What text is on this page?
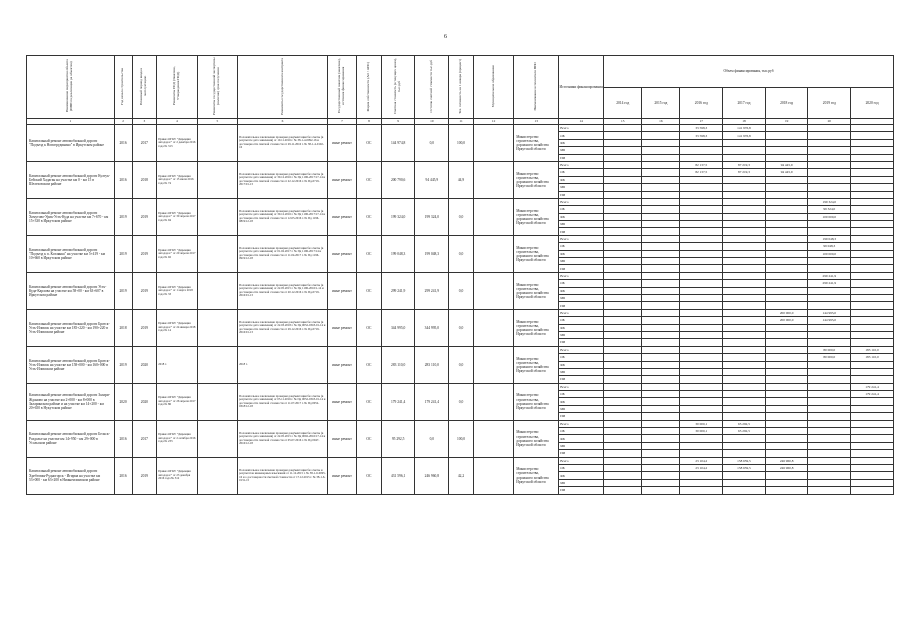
6
Наименование мероприятия объекта (ИНП по реализации ра объектам)	Год начала строительства	Плановый период ввода в эксплуатацию	Реквизиты ПСД (Заказчик, Утверждения ПСД)	Реквизиты государственной экспертизы (наличие) срок получения	Реквизиты государственного контракта	Государственный заказчик (заказчик), источник финансирования	Форма собственности (АО / АПС)	Сметная стоимость (в текущих ценах), тыс.руб	Остаток сметной стоимости тыс.руб	Тех. готовность на 1 января (процент)	Муниципальное образование	Наименование исполнителя НПО	Источники финансирования	Объем финансирования, тыс.руб						
														2014 год	2015 год	2016 год	2017 год	2018 год	2019 год	2020 год
1	2	3	4	5	6	7	8	9	10	11	12	13	14	15	16	17	18	19	20	
Капитальный ремонт автомобильной дороги "Подъезд к Новогрудинино" в Иркутском районе	2016	2017	Приказ ОГКУ "Дирекция автодорог" от 2 декабря 2016 года № 313		Положительное заключение проверки документации без сметы (в результате дата заявления) от 10.11.2016 г. № 38-1-4-0092-16 и достоверности сметной стоимости от 29.11.2016 г. № 38-1-4-0102-16	иные ремонт	ОС	144 974,8	0,0	100,0		Министерство строительства, дорожного хозяйства Иркутской области	Всего			33 598,3	141 976,8			
													ОБ			33 598,3	141 976,8			
													ФБ							
													МБ							
													ИИ							
Капитальный ремонт автомобильной дороги Култук-Бейский Хадаган на участке км 0 - км 15 в Шелеховском районе	2016	2018	Приказ ОГКУ "Дирекция автодорог" от 15 июля 2016 года № 74		Положительное заключение проверки документации без сметы (в результате дата заявления) от 30.12.2016 г. № Пд 1196-2017/17-14 и достоверности сметной стоимости от 22.12.2016 г. № Пд-0719-2017/01-13	иные ремонт	ОС	200 790,6	94 445,9	44,9		Министерство строительства, дорожного хозяйства Иркутской области	Всего			82 137,5	87 219,3	94 445,9		
													ОБ			82 137,5	87 219,3	94 445,9		
													ФБ							
													МБ							
													ИИ							
Капитальный ремонт автомобильной дороги Хомутово-Урик-Усть-Куда на участке км 7+670 - км 15+330 в Иркутском районе	2019	2019	Приказ ОГКУ "Дирекция автодорог" от 30 апреля 2017 года № 94		Положительное заключение проверки документации без сметы (в результате дата заявления) от 30.12.2016 г. № Пд 1196-2017/17-14 и достоверности сметной стоимости от 12.05.2016 г. № Пд 1196-0819/12-18	иные ремонт	ОС	199 324,0	199 324,0	0,0		Министерство строительства, дорожного хозяйства Иркутской области	Всего						199 324,0	
													ОБ						99 324,0	
													ФБ						100 000,0	
													МБ							
													ИИ							
Капитальный ремонт автомобильной дороги "Подъезд к п. Козлянка" на участке км 5+419 - км 10+660 в Иркутском районе	2019	2019	Приказ ОГКУ "Дирекция автодорог" от 20 апреля 2017 года № 92		Положительное заключение проверки документации без сметы (в результате дата заявления) от 01.02.2017 г. № Пд 1196-2017/14 и достоверности сметной стоимости от 11.04.2017 г. № Пд 1196-0919/12-18	иные ремонт	ОС	199 048,3	199 048,3	0,0		Министерство строительства, дорожного хозяйства Иркутской области	Всего						199 048,3	
													ОБ						99 048,3	
													ФБ						100 000,0	
													МБ							
													ИИ							
Капитальный ремонт автомобильной дороги Усть-Куда-Карлова на участке км 58+00 - км 63+607 в Иркутском районе	2019	2019	Приказ ОГКУ "Дирекция автодорог" от 1 марта 2018 года № 33		Положительное заключение проверки документации без сметы (в результате дата заявления) от 22.05.2015 г. № Пд 1196-2016/1-14 и достоверности сметной стоимости от 20.12.2016 г. № Пд-0719-2016/01-13	иные ремонт	ОС	299 241,9	299 241,9	0,0		Министерство строительства, дорожного хозяйства Иркутской области	Всего						299 241,9	
													ОБ						299 241,9	
													ФБ							
													МБ							
													ИИ							
Капитальный ремонт автомобильной дороги Братск-Усть-Илимск на участке км 185+220 - км 190+220 в Усть-Илимском районе	2018	2019	Приказ ОГКУ "Дирекция автодорог" от 24 января 2018 года № 14		Положительное заключение проверки документации без сметы (в результате дата заявления) от 22.03.2018 г. № Пд 0052-0318-01-14 и достоверности сметной стоимости от 29.12.2016 г. № Пд-0719-2016/01-13	иные ремонт	ОС	344 995,0	344 995,0	0,0		Министерство строительства, дорожного хозяйства Иркутской области	Всего					200 000,0	144 995,0	
													ОБ					200 000,0	144 995,0	
													ФБ							
													МБ							
													ИИ							
Капитальный ремонт автомобильной дороги Братск-Усть-Илимск на участке км 158+000 - км 160+000 в Усть-Илимском районе	2019	2020	2018 г.		2018 г.	иные ремонт	ОС	283 110,0	283 110,0	0,0		Министерство строительства, дорожного хозяйства Иркутской области	Всего						80 000,0	183 110,0
													ОБ						80 000,0	183 110,0
													ФБ							
													МБ							
													ИИ							
Капитальный ремонт автомобильной дороги Залари-Жданово на участке км 2+000 - км 8+000 в Заларинском районе и на участке км 14+200 - км 20+650 в Нукутском районе	2020	2020	Приказ ОГКУ "Дирекция автодорог" от 26 апреля 2017 года № 86		Положительное заключение проверки документации без сметы (в результате дата заявления) от 05.11.2016 г. № Пд 0052-0318-01-14 и достоверности сметной стоимости от 11.07.2017 г. № Пд 0052-0318/12-18	иные ремонт	ОС	179 241,4	179 241,4	0,0		Министерство строительства, дорожного хозяйства Иркутской области	Всего							179 241,4
													ОБ							179 241,4
													ФБ							
													МБ							
													ИИ							
Капитальный ремонт автомобильной дороги Бельск-Раздолье на участке км 14+950 - км 29+000 в Усольском районе	2016	2017	Приказ ОГКУ "Дирекция автодорог" от 2 октября 2016 года № 233		Положительное заключение проверки документации без сметы (в результате дата заявления) от 22.05.2015 г. № Пд 0092-2016/17-14 и достоверности сметной стоимости от 05.07.2016 г. № Пд 0047-2016/12-18	иные ремонт	ОС	95 292,5	0,0	100,0		Министерство строительства, дорожного хозяйства Иркутской области	Всего			30 000,1	65 292,5			
													ОБ			30 000,1	65 292,5			
													ФБ							
													МБ							
													ИИ							
Капитальный ремонт автомобильной дороги Хребтовая-Рудногорск - Игирма на участке км 53+000 - км 63+200 в Нижнеилимском районе	2016	2019	Приказ ОГКУ "Дирекция автодорог" от 23 декабря 2016 года № 312		Положительное заключение проверки документации без сметы и результатов инженерных изысканий от 11.12.2015 г. № 38-1-6-0095-16 и о достоверности сметной стоимости от 17.12.2015 г. № 38-1-6-0131-15	иные ремонт	ОС	431 596,1	246 960,8	42,2		Министерство строительства, дорожного хозяйства Иркутской области	Всего			23 104,2	158 659,5	246 960,8		
													ОБ			23 104,2	158 659,5	246 960,8		
													ФБ							
													МБ							
													ИИ							
